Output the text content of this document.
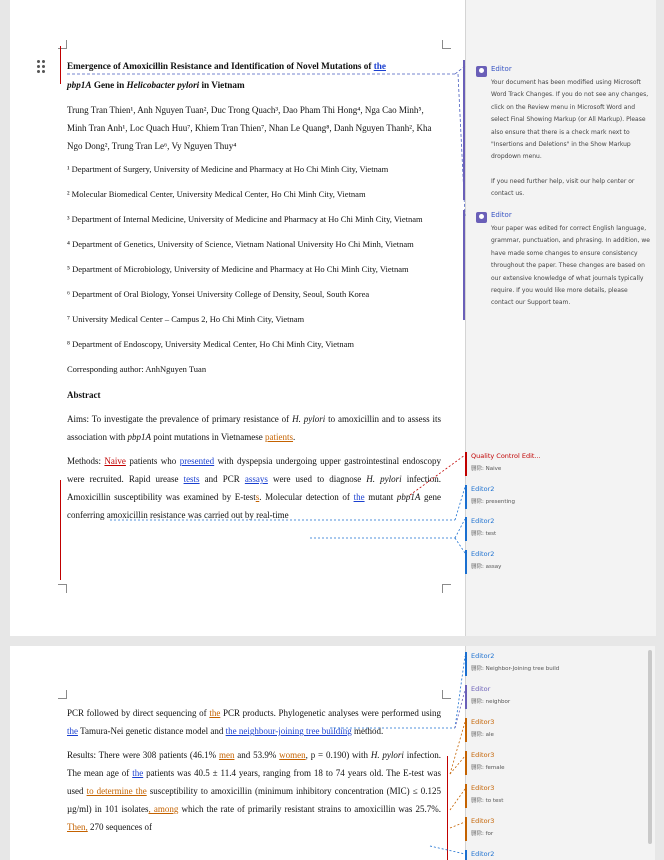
Emergence of Amoxicillin Resistance and Identification of Novel Mutations of the
pbp1A Gene in Helicobacter pylori in Vietnam

Trung Tran Thien¹, Anh Nguyen Tuan², Duc Trong Quach³, Dao Pham Thi Hong⁴, Nga Cao Minh⁵, Minh Tran Anh¹, Loc Quach Huu⁷, Khiem Tran Thien⁷, Nhan Le Quang⁸, Danh Nguyen Thanh², Kha Ngo Dong², Trung Tran Le⁶, Vy Nguyen Thuy⁴

¹ Department of Surgery, University of Medicine and Pharmacy at Ho Chi Minh City, Vietnam

² Molecular Biomedical Center, University Medical Center, Ho Chi Minh City, Vietnam

³ Department of Internal Medicine, University of Medicine and Pharmacy at Ho Chi Minh City, Vietnam

⁴ Department of Genetics, University of Science, Vietnam National University Ho Chi Minh, Vietnam

⁵ Department of Microbiology, University of Medicine and Pharmacy at Ho Chi Minh City, Vietnam

⁶ Department of Oral Biology, Yonsei University College of Density, Seoul, South Korea

⁷ University Medical Center – Campus 2, Ho Chi Minh City, Vietnam

⁸ Department of Endoscopy, University Medical Center, Ho Chi Minh City, Vietnam

Corresponding author: AnhNguyen Tuan

Abstract

Aims: To investigate the prevalence of primary resistance of H. pylori to amoxicillin and to assess its association with pbp1A point mutations in Vietnamese patients.

Methods: Naive patients who presented with dyspepsia undergoing upper gastrointestinal endoscopy were recruited. Rapid urease tests and PCR assays were used to diagnose H. pylori infection. Amoxicillin susceptibility was examined by E-tests. Molecular detection of the mutant pbp1A gene conferring amoxicillin resistance was carried out by real-time

Editor
Your document has been modified using Microsoft Word Track Changes. If you do not see any changes, click on the Review menu in Microsoft Word and select Final Showing Markup (or All Markup). Please also ensure that there is a check mark next to "Insertions and Deletions" in the Show Markup dropdown menu.
If you need further help, visit our help center or contact us.
Editor
Your paper was edited for correct English language, grammar, punctuation, and phrasing. In addition, we have made some changes to ensure consistency throughout the paper. These changes are based on our extensive knowledge of what journals typically require. If you would like more details, please contact our Support team.
Quality Control Edit...
删除: Naive
Editor2
删除: presenting
Editor2
删除: test
Editor2
删除: assay

PCR followed by direct sequencing of the PCR products. Phylogenetic analyses were performed using the Tamura-Nei genetic distance model and the neighbour-joining tree building method.

Results: There were 308 patients (46.1% men and 53.9% women, p = 0.190) with H. pylori infection. The mean age of the patients was 40.5 ± 11.4 years, ranging from 18 to 74 years old. The E-test was used to determine the susceptibility to amoxicillin (minimum inhibitory concentration (MIC) ≤ 0.125 µg/ml) in 101 isolates, among which the rate of primarily resistant strains to amoxicillin was 25.7%. Then, 270 sequences of

Editor2
删除: Neighbor-Joining tree build
Editor
删除: neighbor
Editor3
删除: ale
Editor3
删除: female
Editor3
删除: to test
Editor3
删除: for
Editor2
